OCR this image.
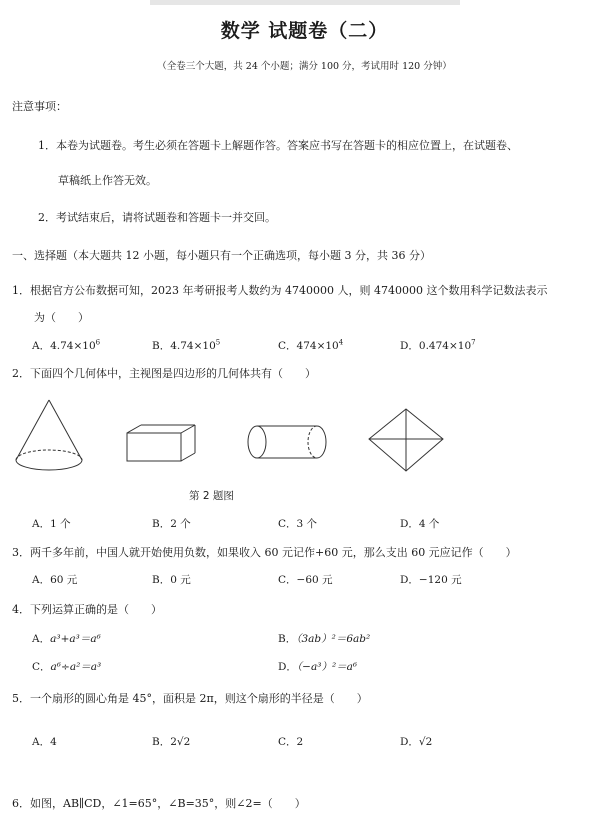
数学 试题卷（二）
（全卷三个大题，共 24 个小题；满分 100 分，考试用时 120 分钟）
注意事项：
1．本卷为试题卷。考生必须在答题卡上解题作答。答案应书写在答题卡的相应位置上，在试题卷、
草稿纸上作答无效。
2．考试结束后，请将试题卷和答题卡一并交回。
一、选择题（本大题共 12 小题，每小题只有一个正确选项，每小题 3 分，共 36 分）
1．根据官方公布数据可知，2023 年考研报考人数约为 4740000 人，则 4740000 这个数用科学记数法表示
为（　　）
A．$4.74\times 10^6$	B．$4.74\times 10^5$	C．$474\times 10^4$	D．$0.474\times 10^7$
2．下面四个几何体中，主视图是四边形的几何体共有（　　）
第 2 题图
A．1 个	B．2 个	C．3 个	D．4 个
3．两千多年前，中国人就开始使用负数，如果收入 60 元记作+60 元，那么支出 60 元应记作（　　）
A．60 元	B．0 元	C．−60 元	D．−120 元
4．下列运算正确的是（　　）
A．a³+a³＝a⁶	B．（3ab）²＝6ab²
C．a⁶÷a²＝a³	D．（−a³）²＝a⁶
5．一个扇形的圆心角是 45°，面积是 2π，则这个扇形的半径是（　　）
A．4	B．2√2	C．2	D．√2
6．如图，AB∥CD，∠1=65°，∠B=35°，则∠2=（　　）
